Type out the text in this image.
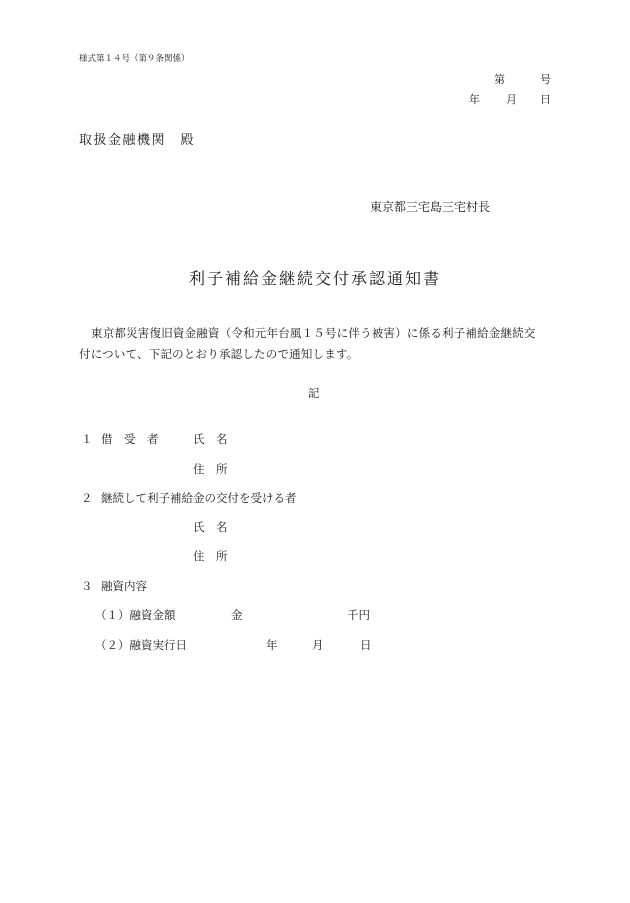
様式第１４号（第９条関係）
第	号
年 月 日
取扱金融機関　殿
東京都三宅島三宅村長
利子補給金継続交付承認通知書
東京都災害復旧資金融資（令和元年台風１５号に伴う被害）に係る利子補給金継続交
付について、下記のとおり承認したので通知します。
記
１ 借　受　者	氏　名
住　所
２ 継続して利子補給金の交付を受ける者
氏　名
住　所
３ 融資内容
（１）融資金額	金	千円
（２）融資実行日	年	月	日
